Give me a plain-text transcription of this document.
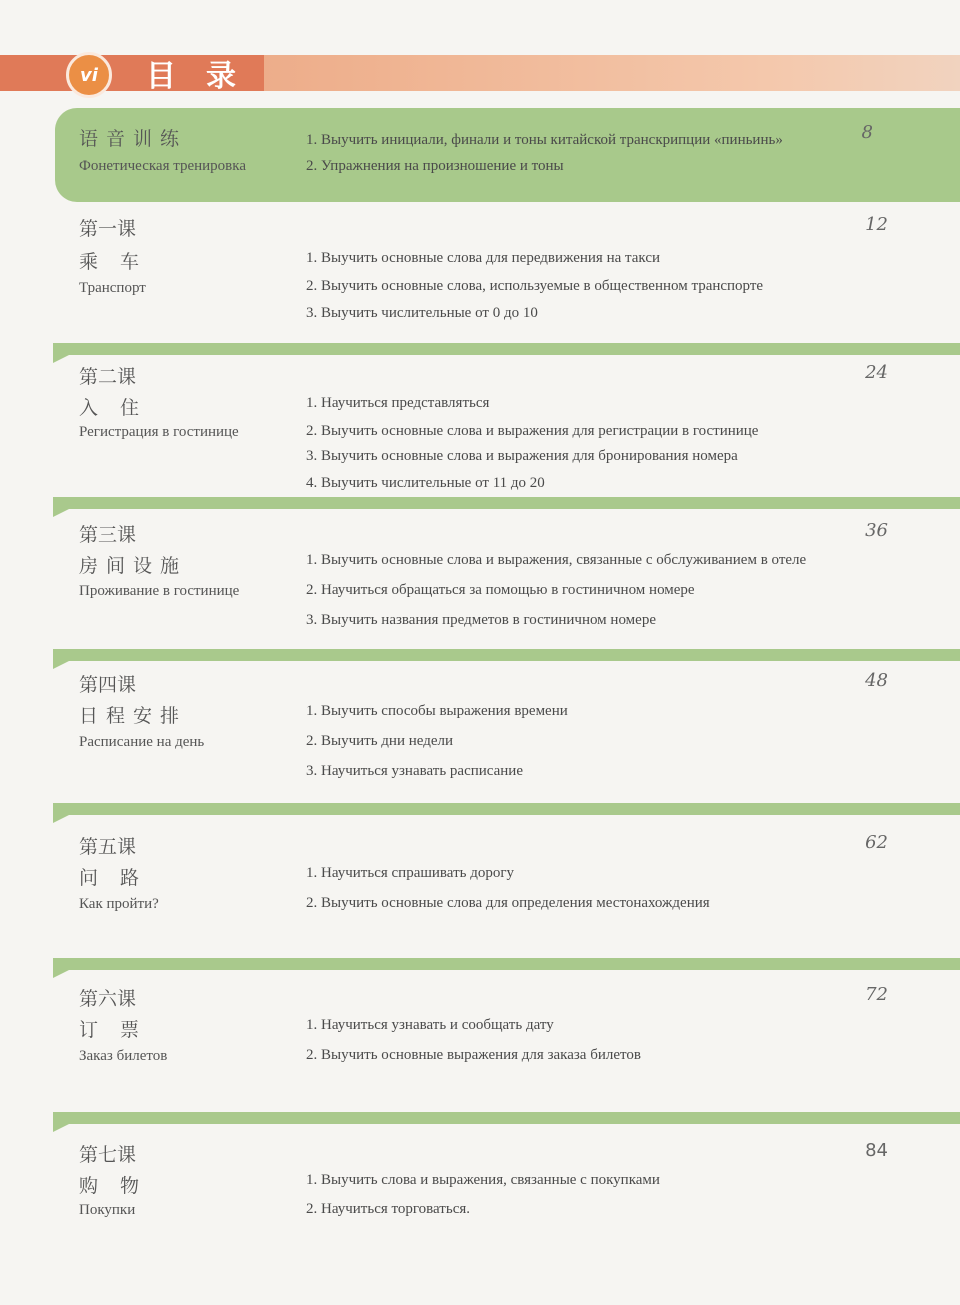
vi	目录
语音训练
Фонетическая тренировка
1. Выучить инициали, финали и тоны китайской транскрипции «пиньинь»
2. Упражнения на произношение и тоны
8
第一课
乘 车
Транспорт
1. Выучить основные слова для передвижения на такси
2. Выучить основные слова, используемые в общественном транспорте
3. Выучить числительные от 0 до 10
12
第二课
入 住
Регистрация в гостинице
1. Научиться представляться
2. Выучить основные слова и выражения для регистрации в гостинице
3. Выучить основные слова и выражения для бронирования номера
4. Выучить числительные от 11 до 20
24
第三课
房间设施
Проживание в гостинице
1. Выучить основные слова и выражения, связанные с обслуживанием в отеле
2. Научиться обращаться за помощью в гостиничном номере
3. Выучить названия предметов в гостиничном номере
36
第四课
日程安排
Расписание на день
1. Выучить способы выражения времени
2. Выучить дни недели
3. Научиться узнавать расписание
48
第五课
问 路
Как пройти?
1. Научиться спрашивать дорогу
2. Выучить основные слова для определения местонахождения
62
第六课
订 票
Заказ билетов
1. Научиться узнавать и сообщать дату
2. Выучить основные выражения для заказа билетов
72
第七课
购 物
Покупки
1. Выучить слова и выражения, связанные с покупками
2. Научиться торговаться.
84
